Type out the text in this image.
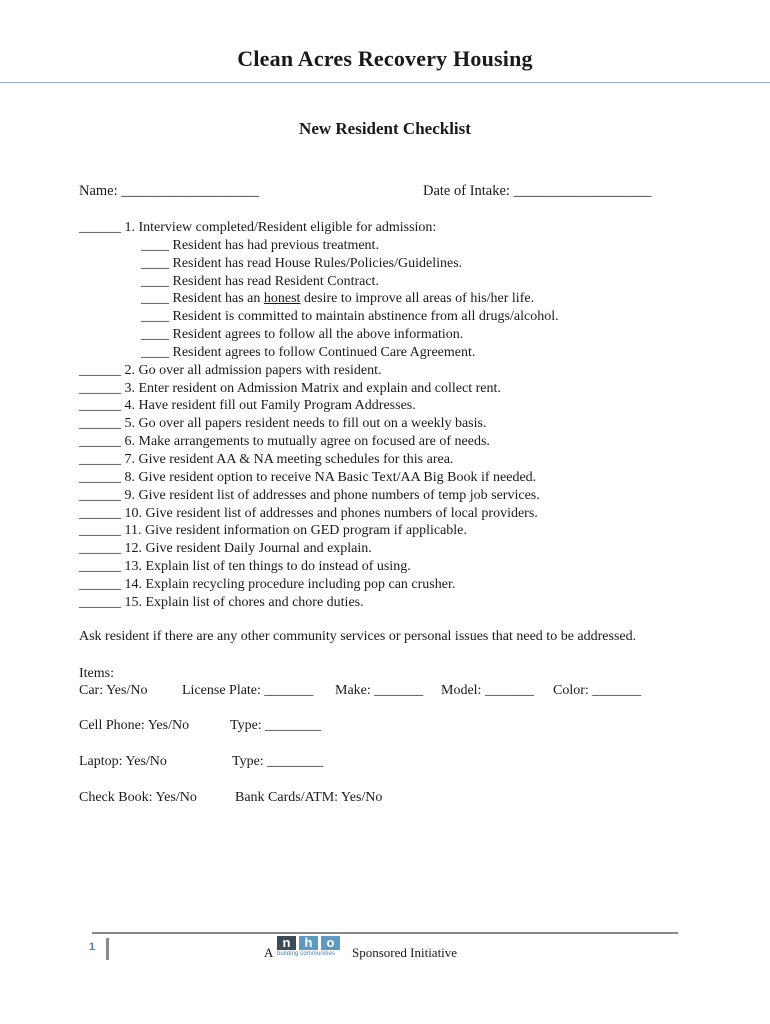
Clean Acres Recovery Housing
New Resident Checklist
Name: ___________________	Date of Intake: ___________________
______ 1. Interview completed/Resident eligible for admission:
____ Resident has had previous treatment.
____ Resident has read House Rules/Policies/Guidelines.
____ Resident has read Resident Contract.
____ Resident has an honest desire to improve all areas of his/her life.
____ Resident is committed to maintain abstinence from all drugs/alcohol.
____ Resident agrees to follow all the above information.
____ Resident agrees to follow Continued Care Agreement.
______ 2. Go over all admission papers with resident.
______ 3. Enter resident on Admission Matrix and explain and collect rent.
______ 4. Have resident fill out Family Program Addresses.
______ 5. Go over all papers resident needs to fill out on a weekly basis.
______ 6. Make arrangements to mutually agree on focused are of needs.
______ 7. Give resident AA & NA meeting schedules for this area.
______ 8. Give resident option to receive NA Basic Text/AA Big Book if needed.
______ 9. Give resident list of addresses and phone numbers of temp job services.
______ 10. Give resident list of addresses and phones numbers of local providers.
______ 11. Give resident information on GED program if applicable.
______ 12. Give resident Daily Journal and explain.
______ 13. Explain list of ten things to do instead of using.
______ 14. Explain recycling procedure including pop can crusher.
______ 15. Explain list of chores and chore duties.
Ask resident if there are any other community services or personal issues that need to be addressed.
Items:
Car: Yes/No License Plate: _______ Make: _______ Model: _______ Color: _______
Cell Phone: Yes/No	Type: ________
Laptop: Yes/No	Type: ________
Check Book: Yes/No	Bank Cards/ATM: Yes/No
1	A
n	h	o
building communities	Sponsored Initiative
